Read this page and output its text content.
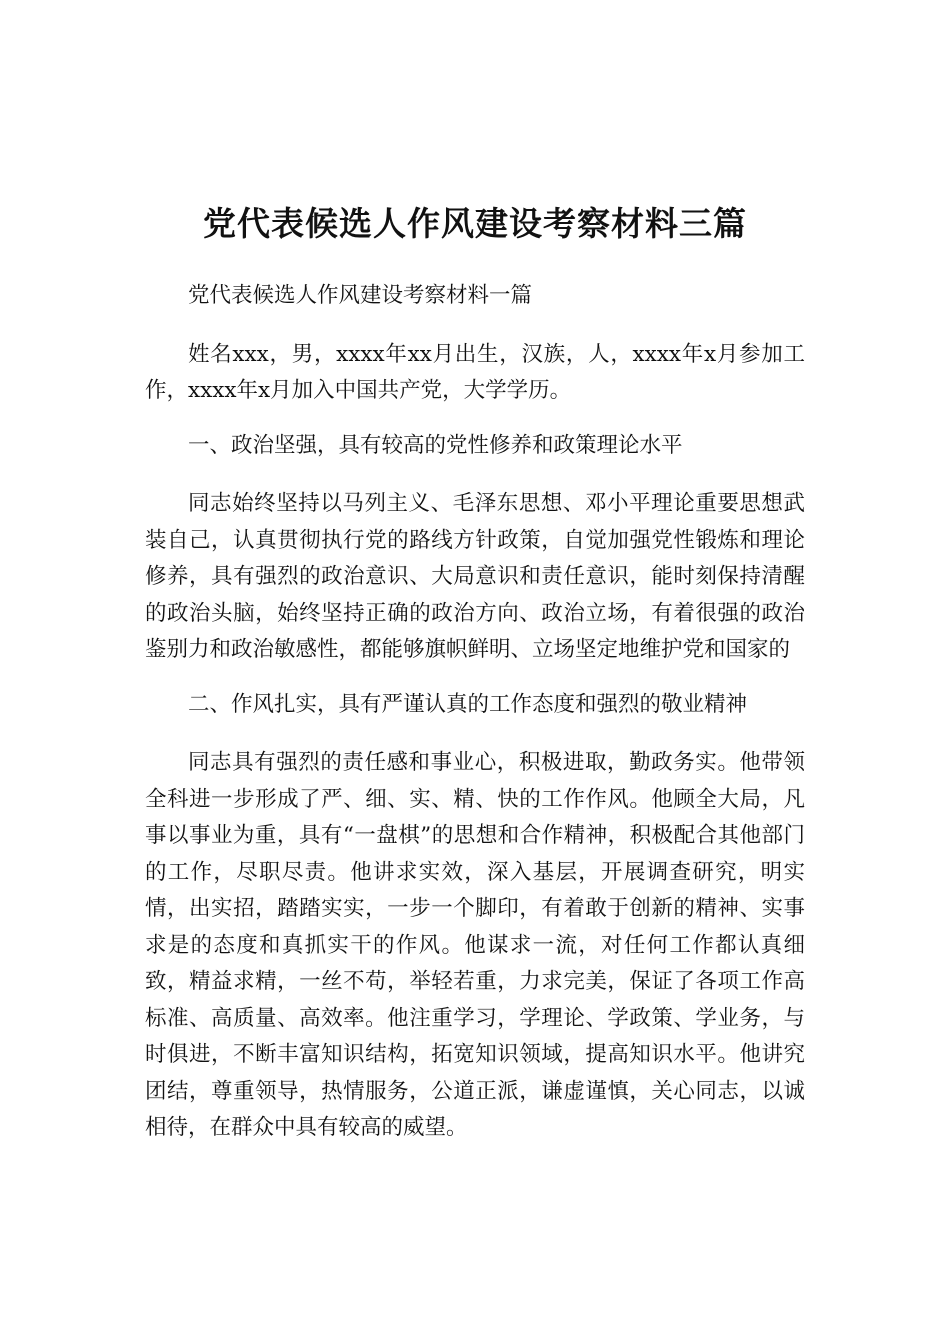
党代表候选人作风建设考察材料三篇

党代表候选人作风建设考察材料一篇

姓名xxx，男，xxxx年xx月出生，汉族，人，xxxx年x月参加工作，xxxx年x月加入中国共产党，大学学历。

一、政治坚强，具有较高的党性修养和政策理论水平

同志始终坚持以马列主义、毛泽东思想、邓小平理论重要思想武装自己，认真贯彻执行党的路线方针政策，自觉加强党性锻炼和理论修养，具有强烈的政治意识、大局意识和责任意识，能时刻保持清醒的政治头脑，始终坚持正确的政治方向、政治立场，有着很强的政治鉴别力和政治敏感性，都能够旗帜鲜明、立场坚定地维护党和国家的

二、作风扎实，具有严谨认真的工作态度和强烈的敬业精神

同志具有强烈的责任感和事业心，积极进取，勤政务实。他带领全科进一步形成了严、细、实、精、快的工作作风。他顾全大局，凡事以事业为重，具有“一盘棋”的思想和合作精神，积极配合其他部门的工作，尽职尽责。他讲求实效，深入基层，开展调查研究，明实情，出实招，踏踏实实，一步一个脚印，有着敢于创新的精神、实事求是的态度和真抓实干的作风。他谋求一流，对任何工作都认真细致，精益求精，一丝不苟，举轻若重，力求完美，保证了各项工作高标准、高质量、高效率。他注重学习，学理论、学政策、学业务，与时俱进，不断丰富知识结构，拓宽知识领域，提高知识水平。他讲究团结，尊重领导，热情服务，公道正派，谦虚谨慎，关心同志，以诚相待，在群众中具有较高的威望。
